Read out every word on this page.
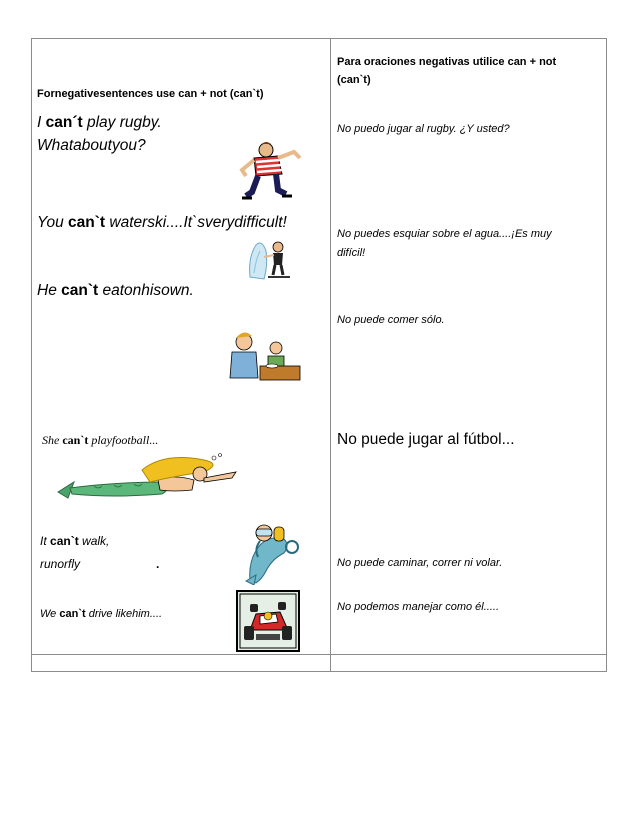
Fornegativesentences use can + not (can`t)
I can´t play rugby.
Whataboutyou?
You can`t waterski....It`sverydifficult!
He can`t eatonhisown.
She can`t playfootball...
It can`t walk,
runorfly	.
We can`t drive likehim....
Para oraciones negativas utilice can + not
(can`t)
No puedo jugar al rugby. ¿Y usted?
No puedes esquiar sobre el agua....¡Es muy
difícil!
No puede comer sólo.
No puede jugar al fútbol...
No puede caminar, correr ni volar.
No podemos manejar como él.....
